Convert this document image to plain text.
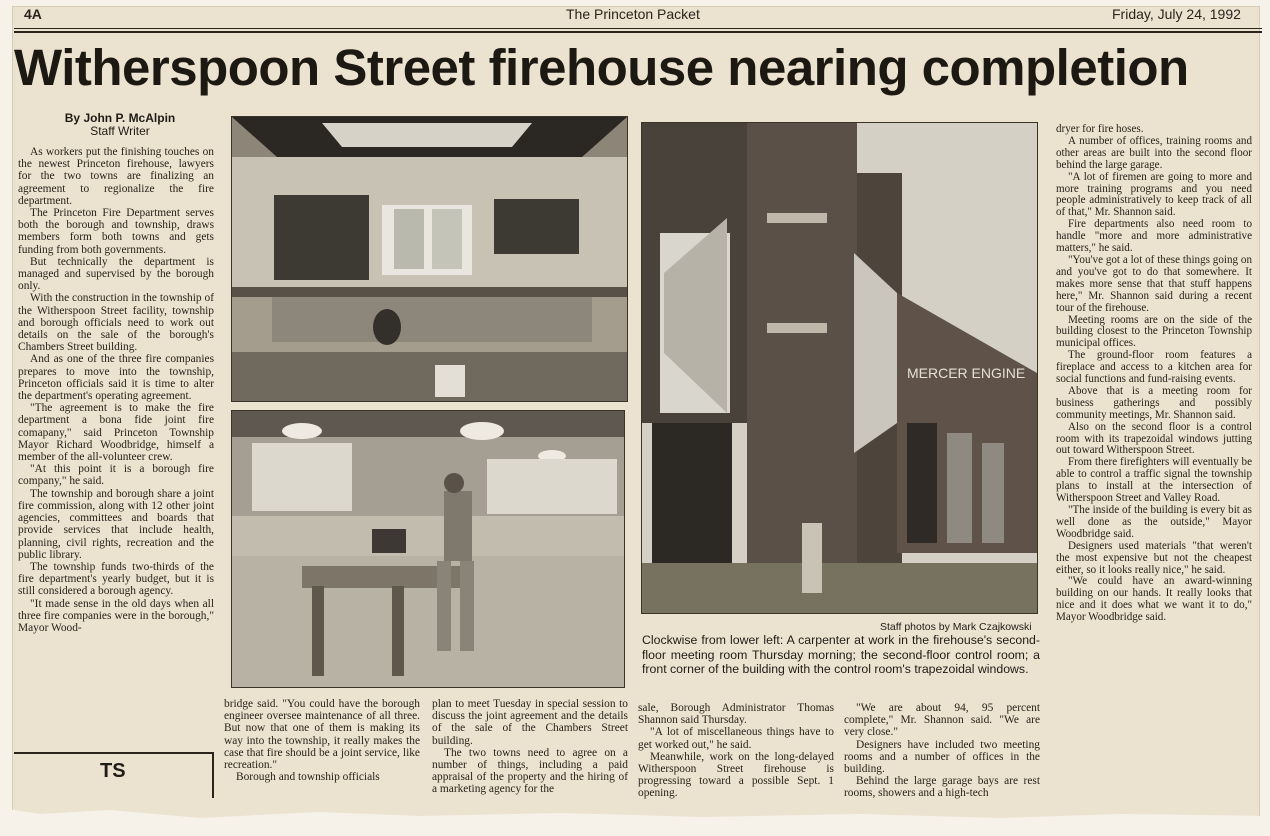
4A	The Princeton Packet	Friday, July 24, 1992
Witherspoon Street firehouse nearing completion
By John P. McAlpin
Staff Writer

As workers put the finishing touches on the newest Princeton firehouse, lawyers for the two towns are finalizing an agreement to regionalize the fire department.

The Princeton Fire Department serves both the borough and township, draws members form both towns and gets funding from both governments.

But technically the department is managed and supervised by the borough only.

With the construction in the township of the Witherspoon Street facility, township and borough officials need to work out details on the sale of the borough's Chambers Street building.

And as one of the three fire companies prepares to move into the township, Princeton officials said it is time to alter the department's operating agreement.

"The agreement is to make the fire department a bona fide joint fire comapany," said Princeton Township Mayor Richard Woodbridge, himself a member of the all-volunteer crew.

"At this point it is a borough fire company," he said.

The township and borough share a joint fire commission, along with 12 other joint agencies, committees and boards that provide services that include health, planning, civil rights, recreation and the public library.

The township funds two-thirds of the fire department's yearly budget, but it is still considered a borough agency.

"It made sense in the old days when all three fire companies were in the borough," Mayor Wood-

TS
MERCER ENGINE
Staff photos by Mark Czajkowski
Clockwise from lower left: A carpenter at work in the firehouse's second-floor meeting room Thursday morning; the second-floor control room; a front corner of the building with the control room's trapezoidal windows.

bridge said. "You could have the borough engineer oversee maintenance of all three. But now that one of them is making its way into the township, it really makes the case that fire should be a joint service, like recreation."

Borough and township officials

plan to meet Tuesday in special session to discuss the joint agreement and the details of the sale of the Chambers Street building.

The two towns need to agree on a number of things, including a paid appraisal of the property and the hiring of a marketing agency for the

sale, Borough Administrator Thomas Shannon said Thursday.

"A lot of miscellaneous things have to get worked out," he said.

Meanwhile, work on the long-delayed Witherspoon Street firehouse is progressing toward a possible Sept. 1 opening.

"We are about 94, 95 percent complete," Mr. Shannon said. "We are very close."

Designers have included two meeting rooms and a number of offices in the building.

Behind the large garage bays are rest rooms, showers and a high-tech

dryer for fire hoses.

A number of offices, training rooms and other areas are built into the second floor behind the large garage.

"A lot of firemen are going to more and more training programs and you need people administratively to keep track of all of that," Mr. Shannon said.

Fire departments also need room to handle "more and more administrative matters," he said.

"You've got a lot of these things going on and you've got to do that somewhere. It makes more sense that that stuff happens here," Mr. Shannon said during a recent tour of the firehouse.

Meeting rooms are on the side of the building closest to the Princeton Township municipal offices.

The ground-floor room features a fireplace and access to a kitchen area for social functions and fund-raising events.

Above that is a meeting room for business gatherings and possibly community meetings, Mr. Shannon said.

Also on the second floor is a control room with its trapezoidal windows jutting out toward Witherspoon Street.

From there firefighters will eventually be able to control a traffic signal the township plans to install at the intersection of Witherspoon Street and Valley Road.

"The inside of the building is every bit as well done as the outside," Mayor Woodbridge said.

Designers used materials "that weren't the most expensive but not the cheapest either, so it looks really nice," he said.

"We could have an award-winning building on our hands. It really looks that nice and it does what we want it to do," Mayor Woodbridge said.
